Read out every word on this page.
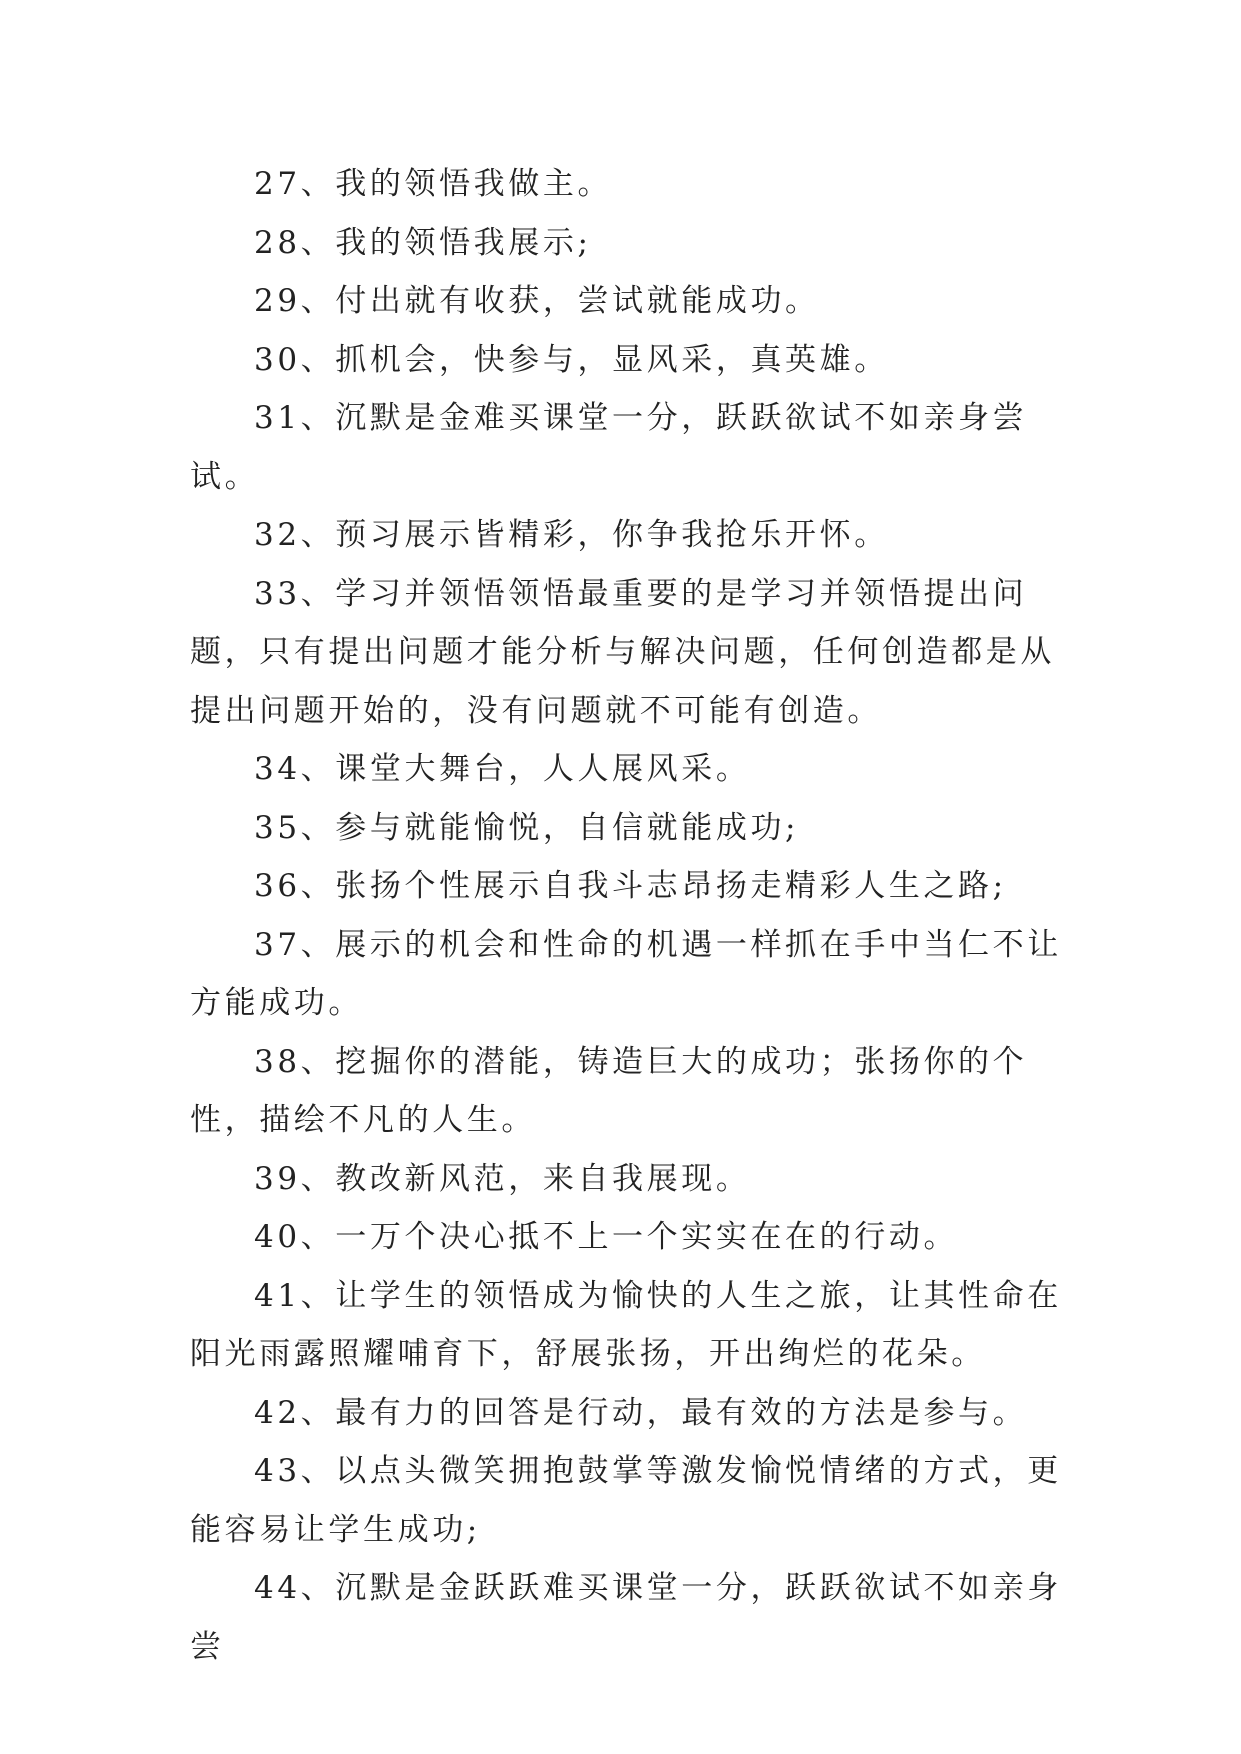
27、我的领悟我做主。

28、我的领悟我展示;

29、付出就有收获，尝试就能成功。

30、抓机会，快参与，显风采，真英雄。

31、沉默是金难买课堂一分，跃跃欲试不如亲身尝试。

32、预习展示皆精彩，你争我抢乐开怀。

33、学习并领悟领悟最重要的是学习并领悟提出问题，只有提出问题才能分析与解决问题，任何创造都是从提出问题开始的，没有问题就不可能有创造。

34、课堂大舞台，人人展风采。

35、参与就能愉悦，自信就能成功;

36、张扬个性展示自我斗志昂扬走精彩人生之路;

37、展示的机会和性命的机遇一样抓在手中当仁不让方能成功。

38、挖掘你的潜能，铸造巨大的成功；张扬你的个性，描绘不凡的人生。

39、教改新风范，来自我展现。

40、一万个决心抵不上一个实实在在的行动。

41、让学生的领悟成为愉快的人生之旅，让其性命在阳光雨露照耀哺育下，舒展张扬，开出绚烂的花朵。

42、最有力的回答是行动，最有效的方法是参与。

43、以点头微笑拥抱鼓掌等激发愉悦情绪的方式，更能容易让学生成功;

44、沉默是金跃跃难买课堂一分，跃跃欲试不如亲身尝
